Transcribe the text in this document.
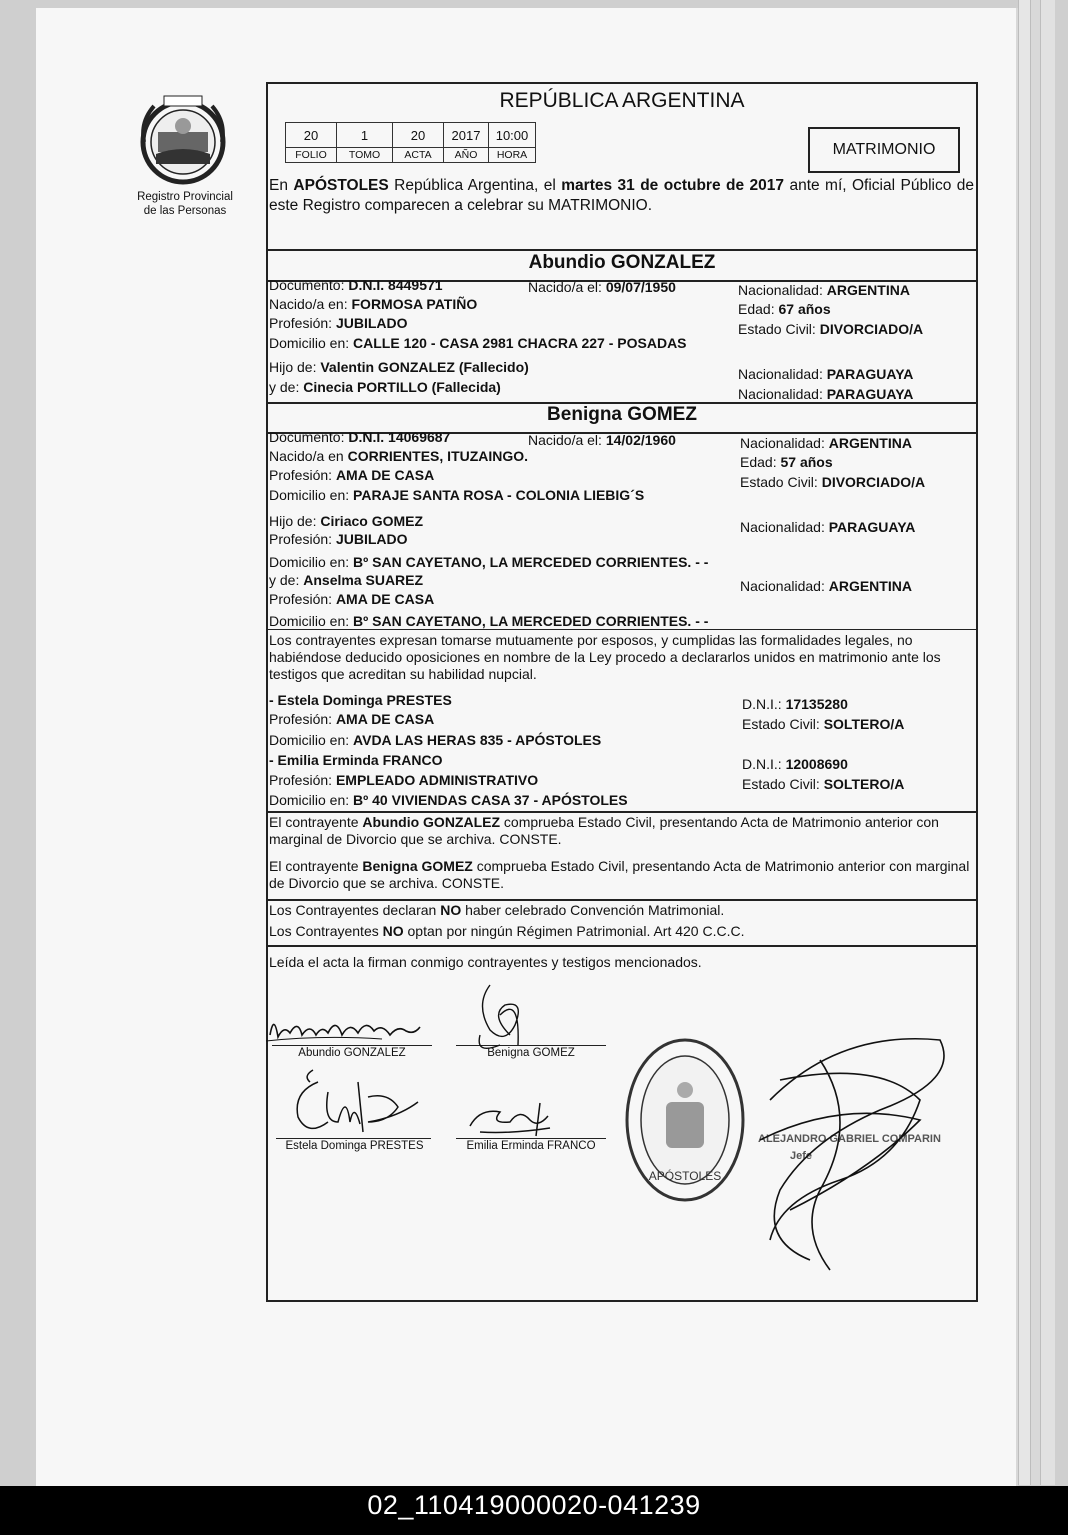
Registro Provincial
de las Personas
REPÚBLICA ARGENTINA
20	1	20	2017	10:00
FOLIO	TOMO	ACTA	AÑO	HORA	MATRIMONIO
En APÓSTOLES República Argentina, el martes 31 de octubre de 2017 ante mí, Oficial Público de este Registro comparecen a celebrar su MATRIMONIO.
Abundio GONZALEZ
Documento: D.N.I. 8449571	Nacido/a el: 09/07/1950	Nacionalidad: ARGENTINA
Nacido/a en: FORMOSA PATIÑO	Edad: 67 años
Profesión: JUBILADO	Estado Civil: DIVORCIADO/A
Domicilio en: CALLE 120 - CASA 2981 CHACRA 227 - POSADAS
Hijo de: Valentin GONZALEZ (Fallecido)	Nacionalidad: PARAGUAYA
y de: Cinecia PORTILLO (Fallecida)	Nacionalidad: PARAGUAYA
Benigna GOMEZ
Documento: D.N.I. 14069687	Nacido/a el: 14/02/1960	Nacionalidad: ARGENTINA
Nacido/a en CORRIENTES, ITUZAINGO.	Edad: 57 años
Profesión: AMA DE CASA	Estado Civil: DIVORCIADO/A
Domicilio en: PARAJE SANTA ROSA - COLONIA LIEBIG´S
Hijo de: Ciriaco GOMEZ	Nacionalidad: PARAGUAYA
Profesión: JUBILADO
Domicilio en: Bº SAN CAYETANO, LA MERCEDED CORRIENTES. - -
y de: Anselma SUAREZ	Nacionalidad: ARGENTINA
Profesión: AMA DE CASA
Domicilio en: Bº SAN CAYETANO, LA MERCEDED CORRIENTES. - -
Los contrayentes expresan tomarse mutuamente por esposos, y cumplidas las formalidades legales, no habiéndose deducido oposiciones en nombre de la Ley procedo a declararlos unidos en matrimonio ante los testigos que acreditan su habilidad nupcial.
- Estela Dominga PRESTES	D.N.I.: 17135280
Profesión: AMA DE CASA	Estado Civil: SOLTERO/A
Domicilio en: AVDA LAS HERAS 835 - APÓSTOLES
- Emilia Erminda FRANCO	D.N.I.: 12008690
Profesión: EMPLEADO ADMINISTRATIVO	Estado Civil: SOLTERO/A
Domicilio en: Bº 40 VIVIENDAS CASA 37 - APÓSTOLES
El contrayente Abundio GONZALEZ comprueba Estado Civil, presentando Acta de Matrimonio anterior con marginal de Divorcio que se archiva. CONSTE.
El contrayente Benigna GOMEZ comprueba Estado Civil, presentando Acta de Matrimonio anterior con marginal de Divorcio que se archiva. CONSTE.
Los Contrayentes declaran NO haber celebrado Convención Matrimonial.
Los Contrayentes NO optan por ningún Régimen Patrimonial. Art 420 C.C.C.
Leída el acta la firman conmigo contrayentes y testigos mencionados.
Abundio GONZALEZ	Benigna GOMEZ
Estela Dominga PRESTES	Emilia Erminda FRANCO
APÓSTOLES
ALEJANDRO GABRIEL COMPARIN
Jefe
02_110419000020-041239
